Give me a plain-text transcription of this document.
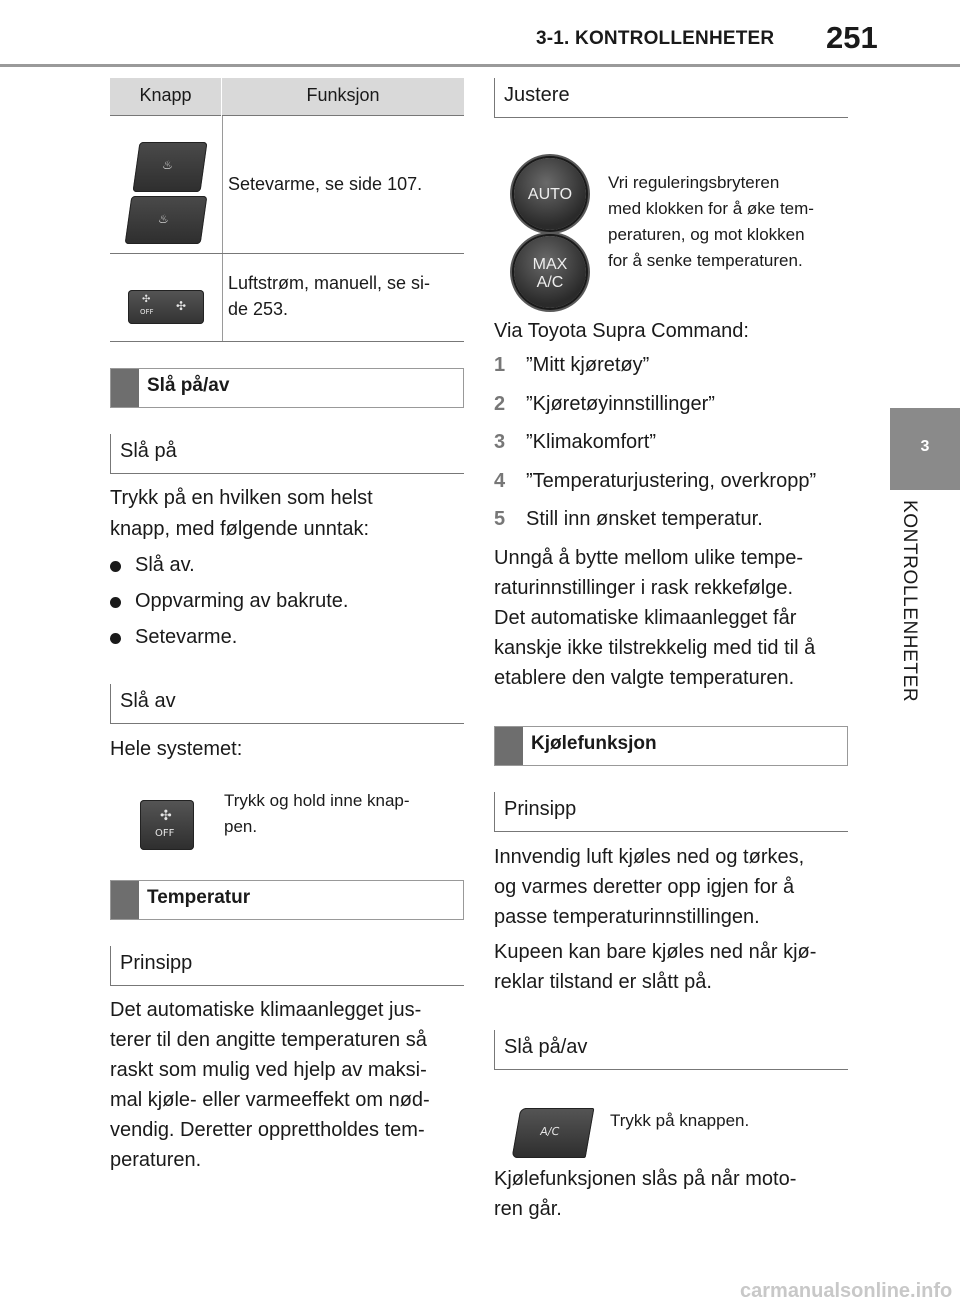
3-1. KONTROLLENHETER 251
3
KONTROLLENHETER
Knapp	Funksjon
♨
♨
Setevarme, se side 107.
✣
OFF ✣
Luftstrøm, manuell, se si-
de 253.
Slå på/av
Slå på
Trykk på en hvilken som helst
knapp, med følgende unntak:
Slå av.
Oppvarming av bakrute.
Setevarme.
Slå av
Hele systemet:
✣
OFF
Trykk og hold inne knap-
pen.
Temperatur
Prinsipp
Det automatiske klimaanlegget jus-
terer til den angitte temperaturen så
raskt som mulig ved hjelp av maksi-
mal kjøle- eller varmeeffekt om nød-
vendig. Deretter opprettholdes tem-
peraturen.
Justere
AUTO
MAX
A/C
Vri reguleringsbryteren
med klokken for å øke tem-
peraturen, og mot klokken
for å senke temperaturen.
Via Toyota Supra Command:
1 ”Mitt kjøretøy”
2 ”Kjøretøyinnstillinger”
3 ”Klimakomfort”
4 ”Temperaturjustering, overkropp”
5 Still inn ønsket temperatur.
Unngå å bytte mellom ulike tempe-
raturinnstillinger i rask rekkefølge.
Det automatiske klimaanlegget får
kanskje ikke tilstrekkelig med tid til å
etablere den valgte temperaturen.
Kjølefunksjon
Prinsipp
Innvendig luft kjøles ned og tørkes,
og varmes deretter opp igjen for å
passe temperaturinnstillingen.
Kupeen kan bare kjøles ned når kjø-
reklar tilstand er slått på.
Slå på/av
A/C
Trykk på knappen.
Kjølefunksjonen slås på når moto-
ren går.
carmanualsonline.info
